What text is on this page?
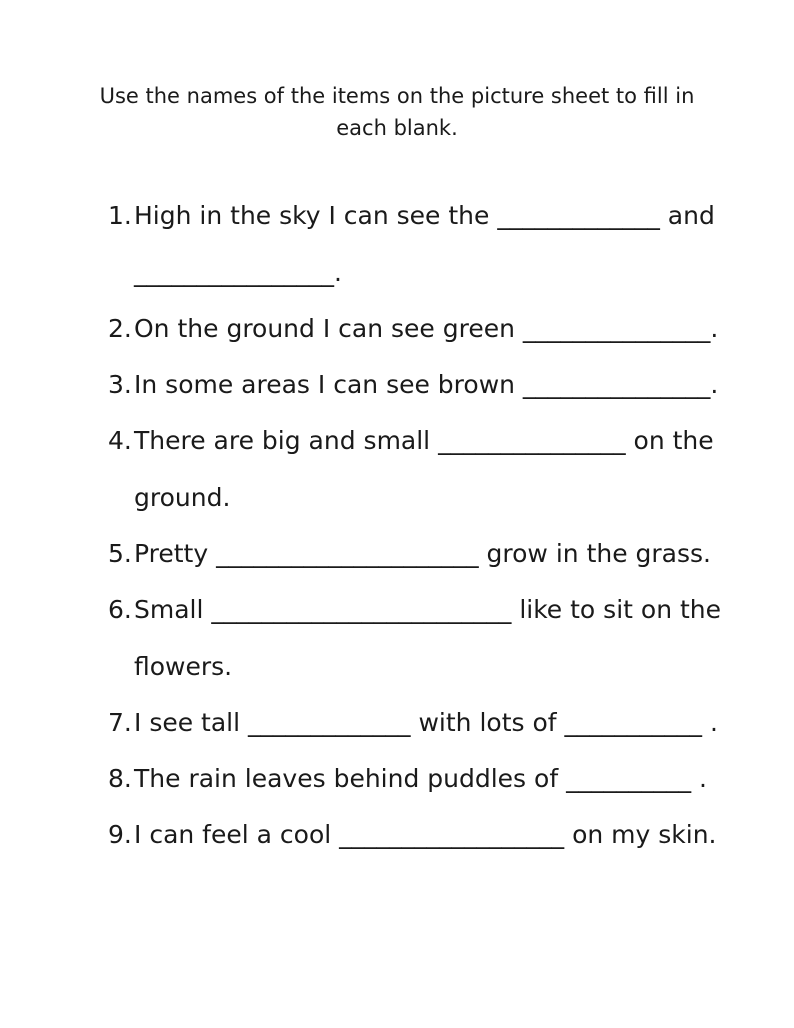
Use the names of the items on the picture sheet to fill in
each blank.
1. High in the sky I can see the _____________ and
________________.
2. On the ground I can see green _______________.
3. In some areas I can see brown _______________.
4. There are big and small _______________ on the
ground.
5. Pretty _____________________ grow in the grass.
6. Small ________________________ like to sit on the
flowers.
7. I see tall _____________ with lots of ___________ .
8. The rain leaves behind puddles of __________ .
9. I can feel a cool __________________ on my skin.
